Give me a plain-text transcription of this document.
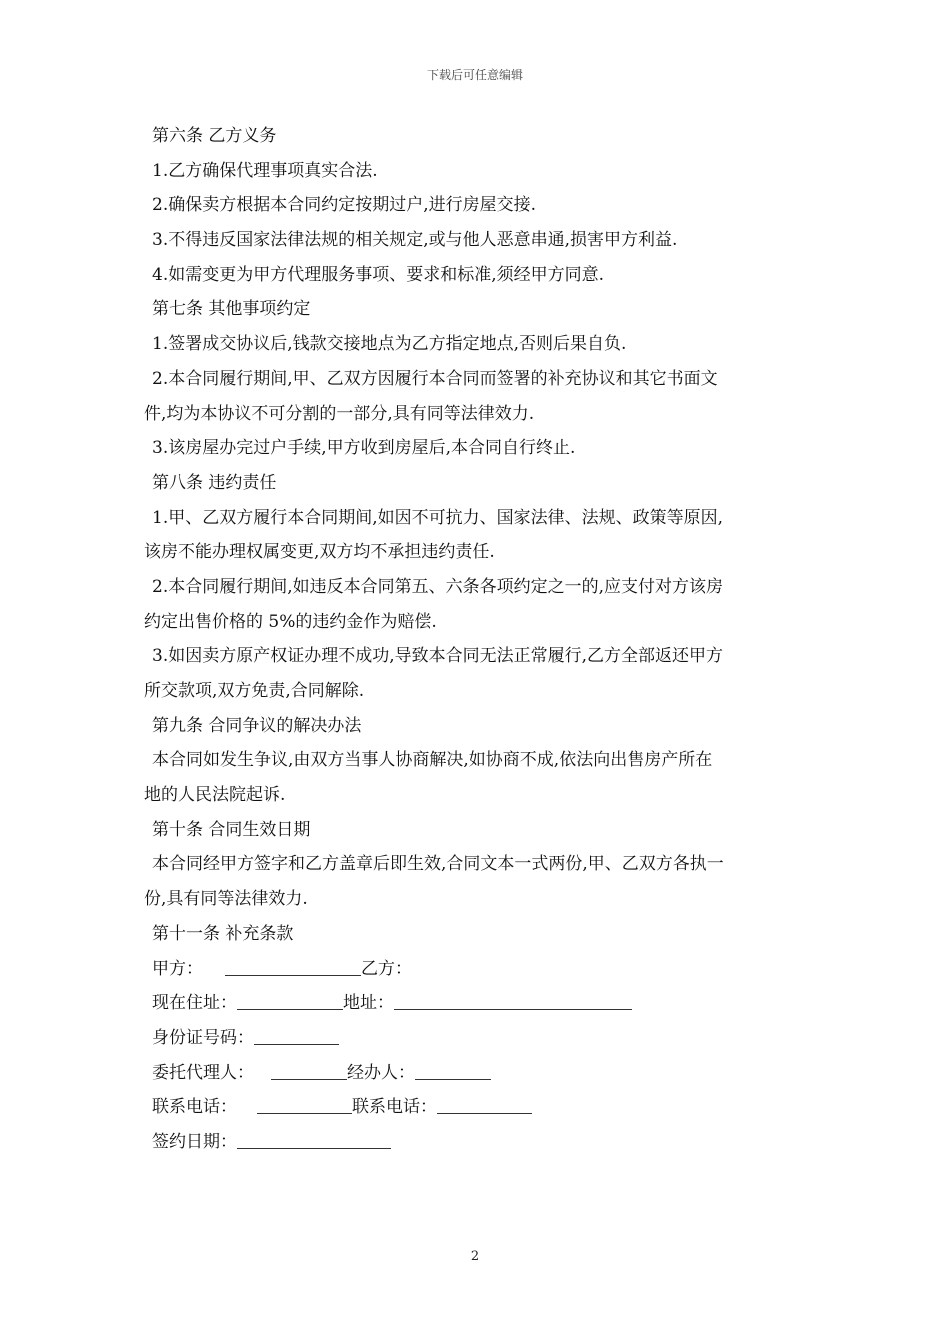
下载后可任意编辑
第六条 乙方义务
1.乙方确保代理事项真实合法.
2.确保卖方根据本合同约定按期过户,进行房屋交接.
3.不得违反国家法律法规的相关规定,或与他人恶意串通,损害甲方利益.
4.如需变更为甲方代理服务事项、要求和标准,须经甲方同意.
第七条 其他事项约定
1.签署成交协议后,钱款交接地点为乙方指定地点,否则后果自负.
2.本合同履行期间,甲、乙双方因履行本合同而签署的补充协议和其它书面文
件,均为本协议不可分割的一部分,具有同等法律效力.
3.该房屋办完过户手续,甲方收到房屋后,本合同自行终止.
第八条 违约责任
1.甲、乙双方履行本合同期间,如因不可抗力、国家法律、法规、政策等原因,
该房不能办理权属变更,双方均不承担违约责任.
2.本合同履行期间,如违反本合同第五、六条各项约定之一的,应支付对方该房
约定出售价格的 5%的违约金作为赔偿.
3.如因卖方原产权证办理不成功,导致本合同无法正常履行,乙方全部返还甲方
所交款项,双方免责,合同解除.
第九条 合同争议的解决办法
本合同如发生争议,由双方当事人协商解决,如协商不成,依法向出售房产所在
地的人民法院起诉.
第十条 合同生效日期
本合同经甲方签字和乙方盖章后即生效,合同文本一式两份,甲、乙双方各执一
份,具有同等法律效力.
第十一条 补充条款
甲方：	乙方：
现在住址：	地址：
身份证号码：
委托代理人：	经办人：
联系电话：	联系电话：
签约日期：
2
